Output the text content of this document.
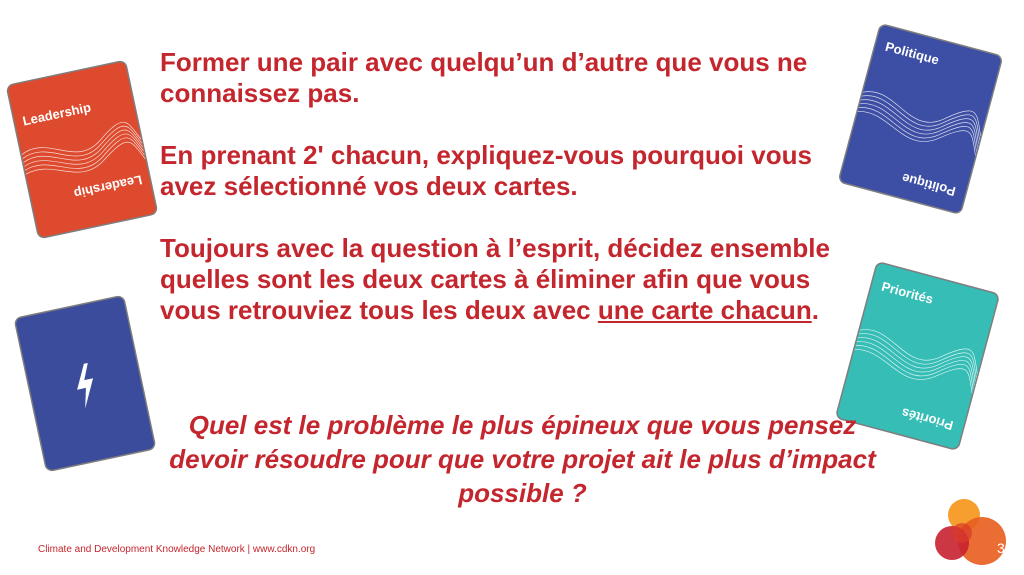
Leadership
Leadership
Politique
Politique
Priorités
Priorités

Former une pair avec quelqu’un d’autre que vous ne connaissez pas.

En prenant 2' chacun, expliquez-vous pourquoi vous avez sélectionné vos deux cartes.

Toujours avec la question à l’esprit, décidez ensemble quelles sont les deux cartes à éliminer afin que vous vous retrouviez tous les deux avec une carte chacun.

Quel est le problème le plus épineux que vous pensez devoir résoudre pour que votre projet ait le plus d’impact possible ?
Climate and Development Knowledge Network | www.cdkn.org	3
